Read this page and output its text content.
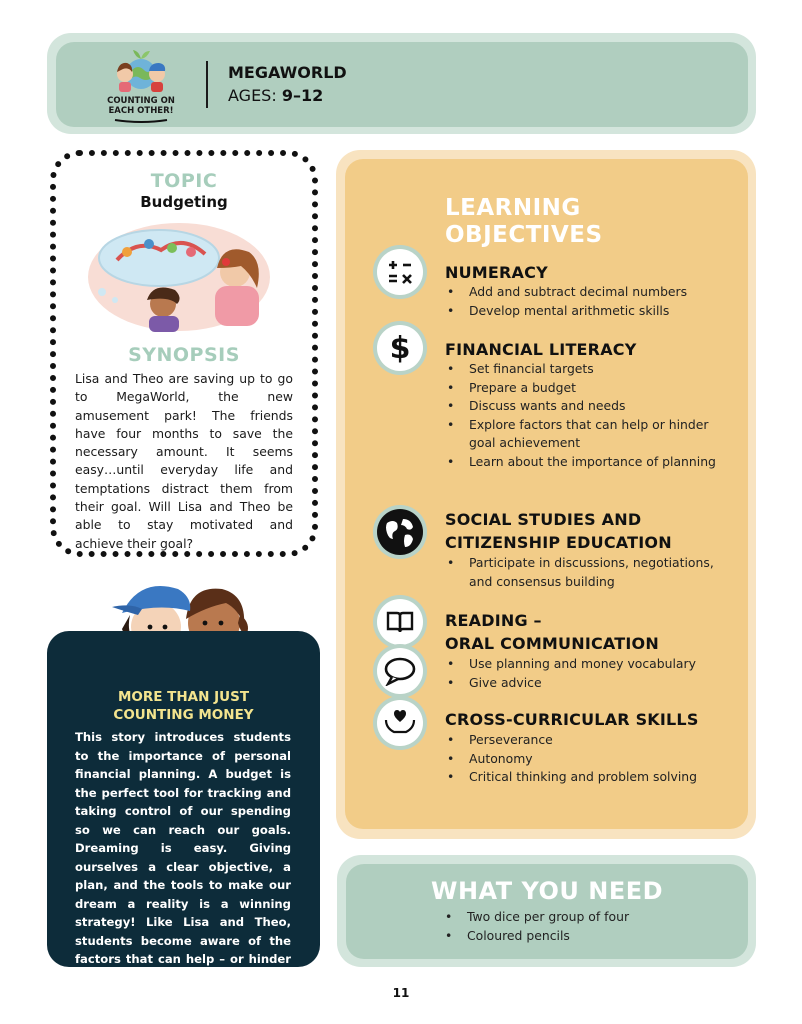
COUNTING ON
EACH OTHER!
MEGAWORLD
AGES: 9–12
TOPIC
Budgeting
SYNOPSIS
Lisa and Theo are saving up to go to MegaWorld, the new amusement park! The friends have four months to save the necessary amount. It seems easy…until everyday life and temptations distract them from their goal. Will Lisa and Theo be able to stay motivated and achieve their goal?
MORE THAN JUST
COUNTING MONEY
This story introduces students to the importance of personal financial planning. A budget is the perfect tool for tracking and taking control of our spending so we can reach our goals. Dreaming is easy. Giving ourselves a clear objective, a plan, and the tools to make our dream a reality is a winning strategy! Like Lisa and Theo, students become aware of the factors that can help – or hinder – them in achieving their goals.
LEARNING
OBJECTIVES
NUMERACY
• Add and subtract decimal numbers
• Develop mental arithmetic skills
$ FINANCIAL LITERACY
• Set financial targets
• Prepare a budget
• Discuss wants and needs
• Explore factors that can help or hinder goal achievement
• Learn about the importance of planning
SOCIAL STUDIES AND
CITIZENSHIP EDUCATION
• Participate in discussions, negotiations, and consensus building
READING –
ORAL COMMUNICATION
• Use planning and money vocabulary
• Give advice
CROSS-CURRICULAR SKILLS
• Perseverance
• Autonomy
• Critical thinking and problem solving
WHAT YOU NEED
• Two dice per group of four
• Coloured pencils
11
